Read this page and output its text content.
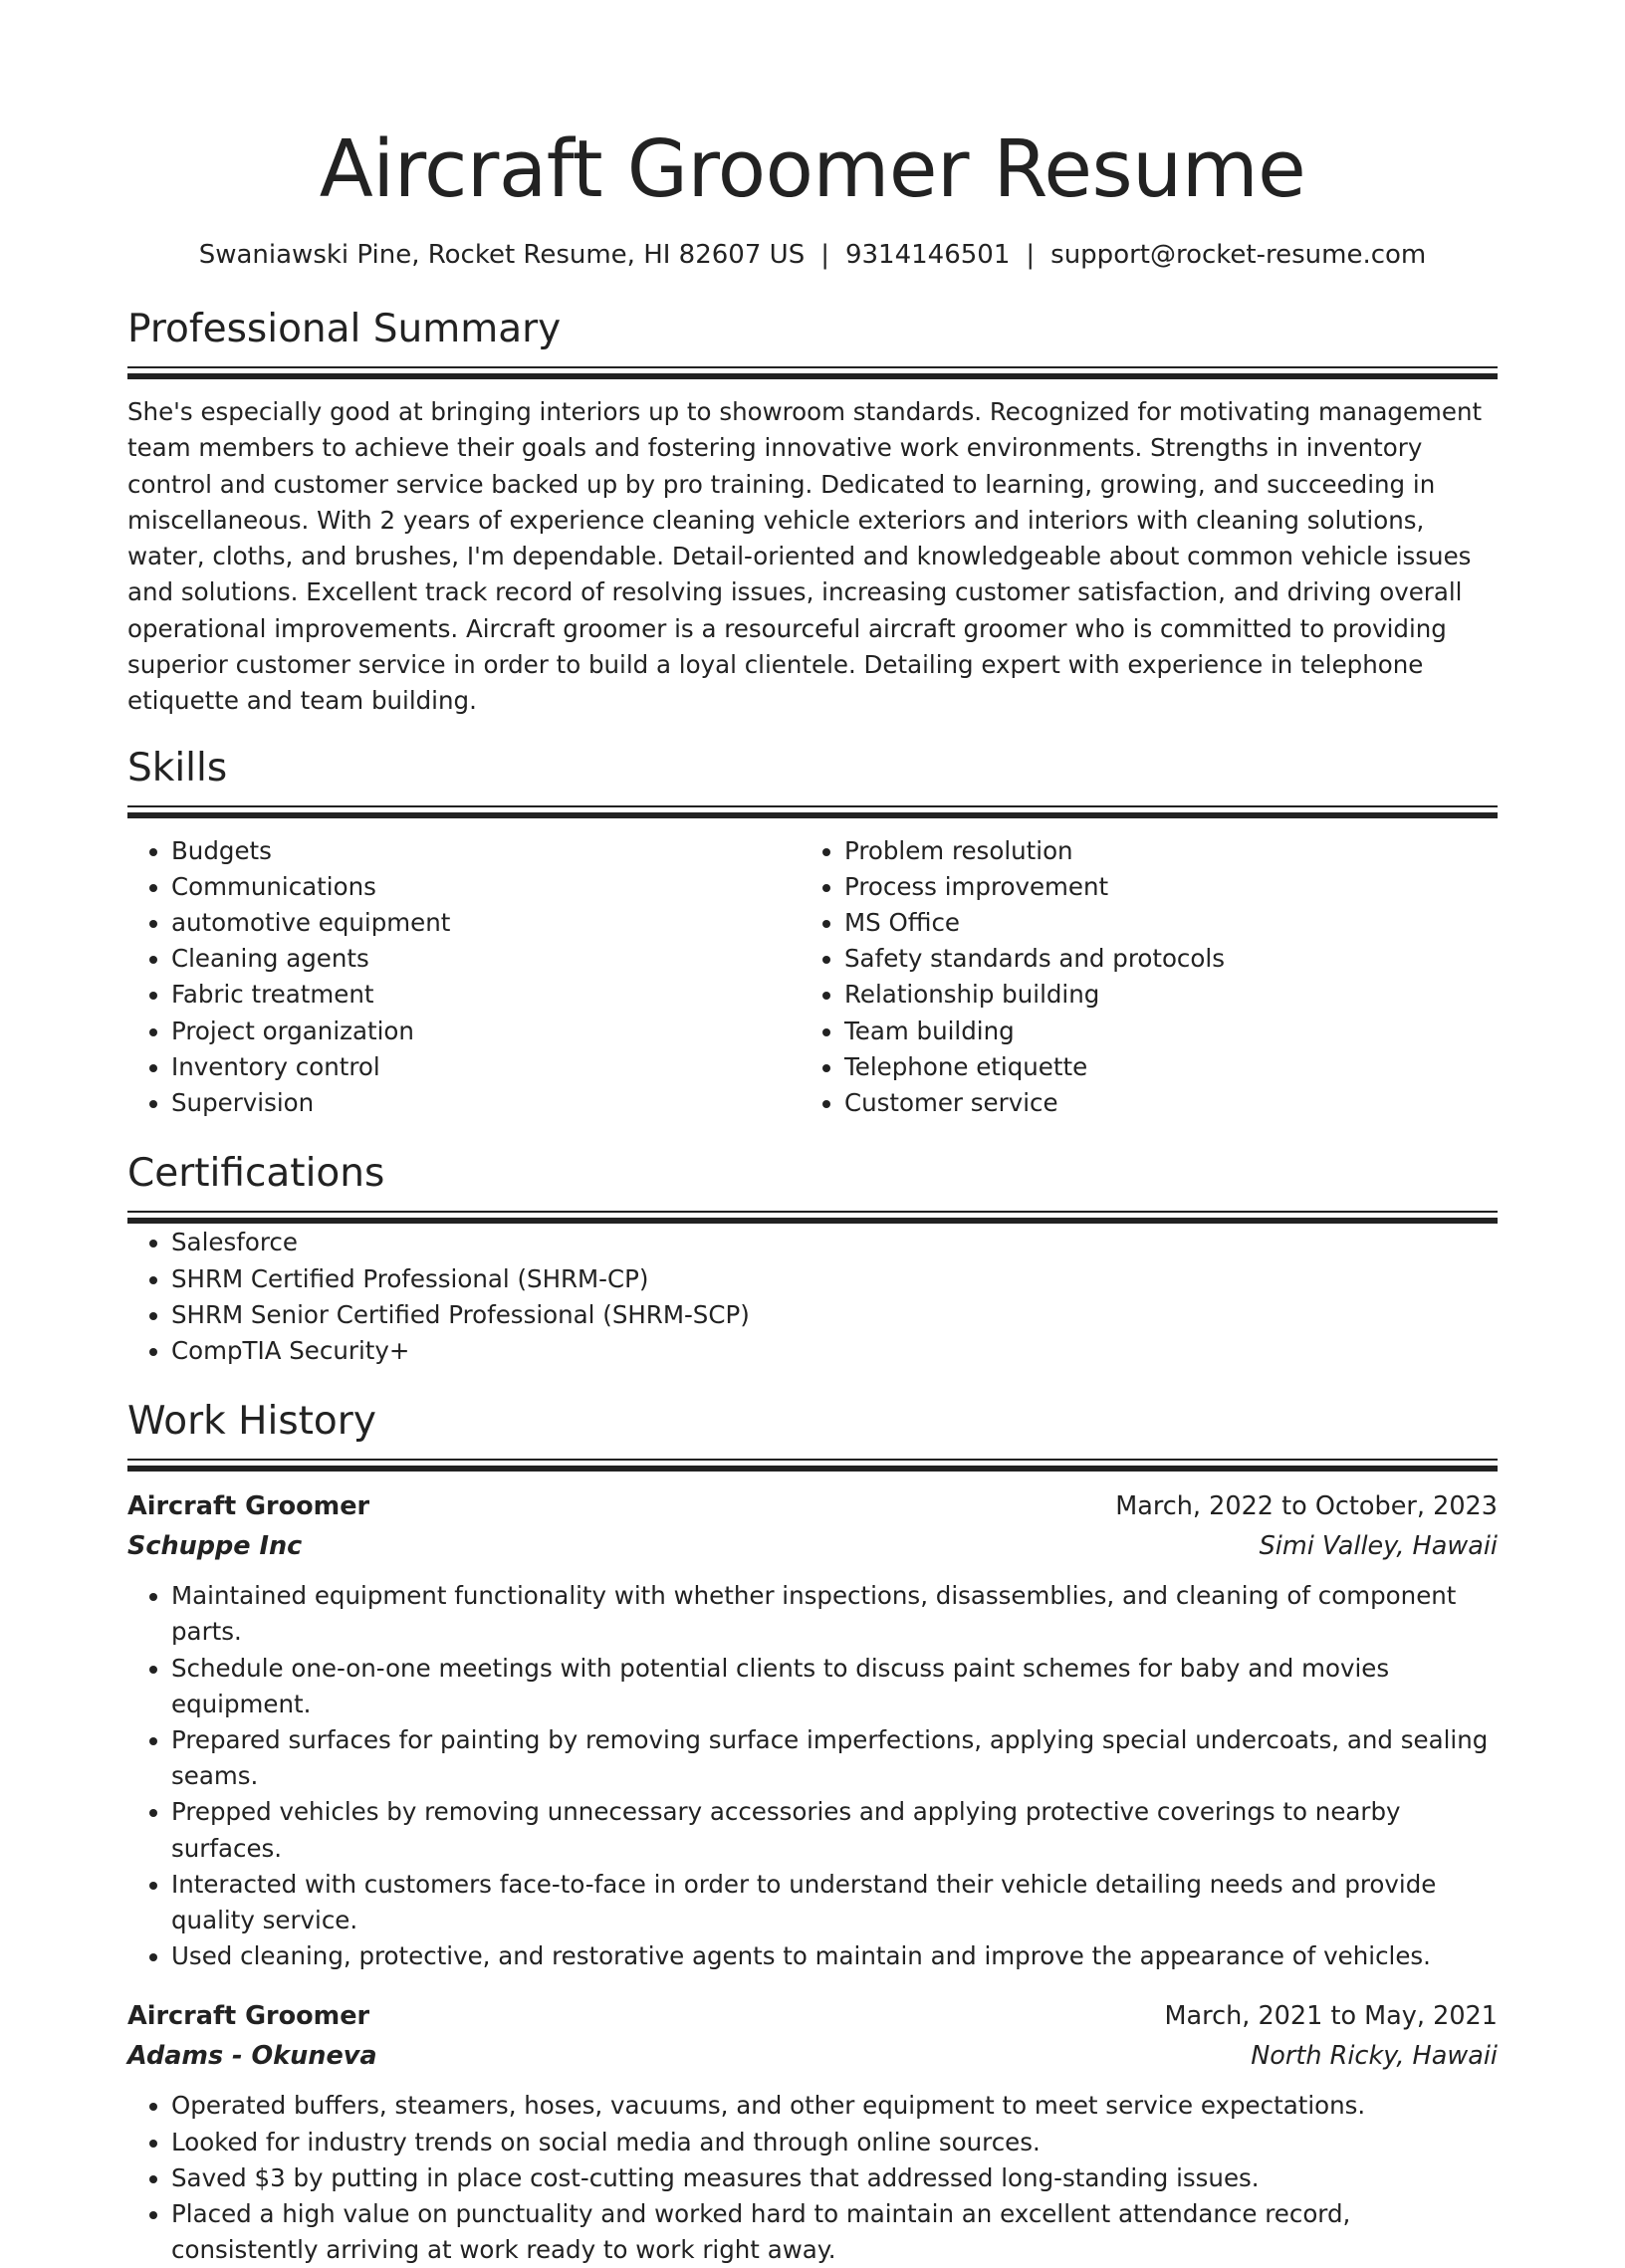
Aircraft Groomer Resume
Swaniawski Pine, Rocket Resume, HI 82607 US | 9314146501 | support@rocket-resume.com
Professional Summary

She's especially good at bringing interiors up to showroom standards. Recognized for motivating management team members to achieve their goals and fostering innovative work environments. Strengths in inventory control and customer service backed up by pro training. Dedicated to learning, growing, and succeeding in miscellaneous. With 2 years of experience cleaning vehicle exteriors and interiors with cleaning solutions, water, cloths, and brushes, I'm dependable. Detail-oriented and knowledgeable about common vehicle issues and solutions. Excellent track record of resolving issues, increasing customer satisfaction, and driving overall operational improvements. Aircraft groomer is a resourceful aircraft groomer who is committed to providing superior customer service in order to build a loyal clientele. Detailing expert with experience in telephone etiquette and team building.

Skills
• Budgets
• Communications
• automotive equipment
• Cleaning agents
• Fabric treatment
• Project organization
• Inventory control
• Supervision
• Problem resolution
• Process improvement
• MS Office
• Safety standards and protocols
• Relationship building
• Team building
• Telephone etiquette
• Customer service
Certifications
• Salesforce
• SHRM Certified Professional (SHRM-CP)
• SHRM Senior Certified Professional (SHRM-SCP)
• CompTIA Security+
Work History
Aircraft Groomer	March, 2022 to October, 2023
Schuppe Inc	Simi Valley, Hawaii
• Maintained equipment functionality with whether inspections, disassemblies, and cleaning of component parts.
• Schedule one-on-one meetings with potential clients to discuss paint schemes for baby and movies equipment.
• Prepared surfaces for painting by removing surface imperfections, applying special undercoats, and sealing seams.
• Prepped vehicles by removing unnecessary accessories and applying protective coverings to nearby surfaces.
• Interacted with customers face-to-face in order to understand their vehicle detailing needs and provide quality service.
• Used cleaning, protective, and restorative agents to maintain and improve the appearance of vehicles.
Aircraft Groomer	March, 2021 to May, 2021
Adams - Okuneva	North Ricky, Hawaii
• Operated buffers, steamers, hoses, vacuums, and other equipment to meet service expectations.
• Looked for industry trends on social media and through online sources.
• Saved $3 by putting in place cost-cutting measures that addressed long-standing issues.
• Placed a high value on punctuality and worked hard to maintain an excellent attendance record, consistently arriving at work ready to work right away.
